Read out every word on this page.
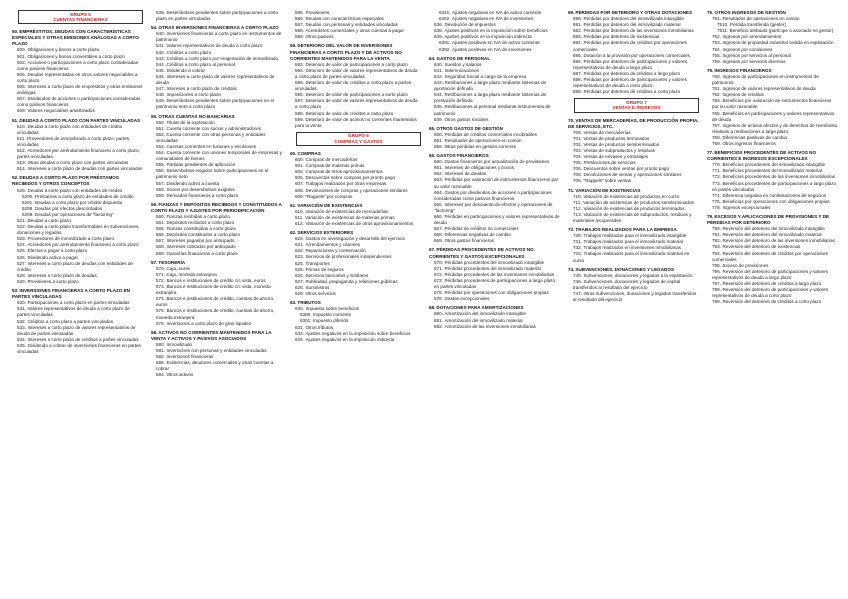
GRUPO 5
CUENTAS FINANCIERAS
50.EMPRÉSTITOS, DEUDAS CON CARACTERÍSTICAS ESPECIALES Y OTRAS EMISIONES ANÁLOGAS A CORTO PLAZO
500. Obligaciones y bonos a corto plazo
501. Obligaciones y bonos convertibles a corto plazo
502. Acciones o participaciones a corto plazo consideradas como pasivos financieros
505. Deudas representadas en otros valores negociables a corto plazo
506. Intereses a corto plazo de empréstitos y otras emisiones análogas
507. Dividendos de acciones o participaciones consideradas como pasivos financieros
509. Valores negociables amortizados
51.DEUDAS A CORTO PLAZO CON PARTES VINCULADAS
510. Deudas a corto plazo con entidades de crédito vinculadas
511. Proveedores de inmovilizado a corto plazo, partes vinculadas
512. Acreedores por arrendamiento financiero a corto plazo, partes vinculadas.
513. Otras deudas a corto plazo con partes vinculadas
514. Intereses a corto plazo de deudas con partes vinculadas
52.DEUDAS A CORTO PLAZO POR PRÉSTAMOS RECIBIDOS Y OTROS CONCEPTOS
520. Deudas a corto plazo con entidades de crédito
5200. Préstamos a corto plazo de entidades de crédito
5201. Deudas a corto plazo por crédito dispuesto
5208. Deudas por efectos descontados
5209. Deudas por operaciones de "factoring"
521. Deudas a corto plazo
522. Deudas a corto plazo transformables en subvenciones, donaciones y legados
523. Proveedores de inmovilizado a corto plazo
524. Acreedores por arrendamiento financiero a corto plazo
525. Efectos a pagar a corto plazo
526. Dividendo activo a pagar
527. Intereses a corto plazo de deudas con entidades de crédito
528. Intereses a corto plazo de deudas
529. Provisiones a corto plazo
53.INVERSIONES FINANCIERAS A CORTO PLAZO EN PARTES VINCULADAS
530. Participaciones a corto plazo en partes vinculadas
531. Valores representativos de deuda a corto plazo de partes vinculadas
532. Créditos a corto plazo a partes vinculadas
533. Intereses a corto plazo de valores representativos de deuda de partes vinculadas
534. Intereses a corto plazo de créditos a partes vinculadas
535. Dividendo a cobrar de inversiones financieras en partes vinculadas
539. Desembolsos pendientes sobre participaciones a corto plazo en partes vinculadas
54.OTRAS INVERSIONES FINANCIERAS A CORTO PLAZO
540. Inversiones financieras a corto plazo en instrumentos de patrimonio
541. Valores representativos de deuda a corto plazo
542. Créditos a corto plazo
543. Créditos a corto plazo por enajenación de inmovilizado
544. Créditos a corto plazo al personal
545. Dividendo a cobrar
546. Intereses a corto plazo de valores representativos de deuda
547. Intereses a corto plazo de créditos
548. Imposiciones a corto plazo
549. Desembolsos pendientes sobre participaciones en el patrimonio neto a corto plazo
55.OTRAS CUENTAS NO BANCARIAS
550. Titular de la explotación
551. Cuenta corriente con socios y administradores
552. Cuenta corriente con otras personas y entidades vinculadas
553. Cuentas corrientes en fusiones y escisiones
554. Cuenta corriente con uniones temporales de empresas y comunidades de bienes
555. Partidas pendientes de aplicación
556. Desembolsos exigidos sobre participaciones en el patrimonio neto
557. Dividendo activo a cuenta
558. Socios por desembolsos exigidos
559. Derivados financieros a corto plazo
56.FIANZAS Y DEPÓSITOS RECIBIDOS Y CONSTITUIDOS A CORTO PLAZO Y AJUSTES POR PERIODIFICACIÓN
560. Fianzas recibidas a corto plazo
561. Depósitos recibidos a corto plazo
565. Fianzas constituidas a corto plazo
566. Depósitos constituidos a corto plazo
567. Intereses pagados por anticipado
568. Intereses cobrados por anticipado
569. Garantías financieras a corto plazo
57.TESORERÍA
570. Caja, euros
571. Caja, moneda extranjera
572. Bancos e instituciones de crédito c/c vista, euros
573. Bancos e instituciones de crédito c/c vista, moneda extranjera
574. Bancos e instituciones de crédito, cuentas de ahorro, euros
575. Bancos e instituciones de crédito, cuentas de ahorro, moneda extranjera
576. Inversiones a corto plazo de gran liquidez
58.ACTIVOS NO CORRIENTES MANTENIDOS PARA LA VENTA Y ACTIVOS Y PASIVOS ASOCIADOS
580. Inmovilizado
581. Inversiones con personas y entidades vinculadas
582. Inversiones financieras
583. Existencias, deudores comerciales y otras cuentas a cobrar
584. Otros activos
585. Provisiones
586. Deudas con características especiales
587. Deudas con personas y entidades vinculadas
588. Acreedores comerciales y otras cuentas a pagar
589. Otros pasivos
59.DETERIORO DEL VALOR DE INVERSIONES FINANCIERAS A CORTO PLAZO Y DE ACTIVOS NO CORRIENTES MANTENIDOS PARA LA VENTA
593. Deterioro de valor de participaciones a corto plazo
594. Deterioro de valor de valores representativos de deuda a corto plazo de partes vinculadas
595. Deterioro de valor de créditos a corto plazo a partes vinculadas
596. Deterioro de valor de participaciones a corto plazo
597. Deterioro de valor de valores representativos de deuda a corto plazo
598. Deterioro de valor de créditos a corto plazo
599. Deterioro de valor de activos no corrientes mantenidos para la venta
GRUPO 6
COMPRAS Y GASTOS
60.COMPRAS
600. Compras de mercaderías
601. Compras de materias primas
602. Compras de otros aprovisionamientos
606. Descuentos sobre compras por pronto pago
607. Trabajos realizados por otras empresas
608. Devoluciones de compras y operaciones similares
609. "Rappels" por compras
61.VARIACIÓN DE EXISTENCIAS
610. Variación de existencias de mercaderías
611. Variación de existencias de materias primas
612. Variación de existencias de otros aprovisionamientos
62.SERVICIOS EXTERIORES
620. Gastos en investigación y desarrollo del ejercicio
621. Arrendamientos y cánones
622. Reparaciones y conservación
623. Servicios de profesionales independientes
624. Transportes
625. Primas de seguros
626. Servicios bancarios y similares
627. Publicidad, propaganda y relaciones públicas
628. Suministros
629. Otros servicios
63.TRIBUTOS
630. Impuesto sobre beneficios
6300. Impuesto corriente
6301. Impuesto diferido
631. Otros tributos
633. Ajustes negativos en la imposición sobre beneficios
634. Ajustes negativos en la imposición indirecta
6341. Ajustes negativos en IVA de activo corriente
6342. Ajustes negativos en IVA de inversiones
636. Devolución de impuestos
638. Ajustes positivos en la imposición sobre beneficios
639. Ajustes positivos en la imposición indirecta
6391. Ajustes positivos en IVA de activo corriente
6392. Ajustes positivos en IVA de inversiones
64.GASTOS DE PERSONAL
640. Sueldos y salarios
641. Indemnizaciones
642. Seguridad Social a cargo de la empresa
643. Retribuciones a largo plazo mediante sistemas de aportación definida
644. Retribuciones a largo plazo mediante sistemas de prestación definida
645. Retribuciones al personal mediante instrumentos de patrimonio
649. Otros gastos sociales
65.OTROS GASTOS DE GESTIÓN
650. Pérdidas de créditos comerciales incobrables
651. Resultados de operaciones en común
659. Otras pérdidas en gestión corriente
66.GASTOS FINANCIEROS
660. Gastos financieros por actualización de provisiones
661. Intereses de obligaciones y bonos
662. Intereses de deudas
663. Pérdidas por valoración de instrumentos financieros por su valor razonable
664. Gastos por dividendos de acciones o participaciones consideradas como pasivos financieros
665. Intereses por descuento de efectos y operaciones de "factoring"
666. Pérdidas en participaciones y valores representativos de deuda
667. Pérdidas de créditos no comerciales
668. Diferencias negativas de cambio
669. Otros gastos financieros
67.PÉRDIDAS PROCEDENTES DE ACTIVOS NO CORRIENTES Y GASTOS EXCEPCIONALES
670. Pérdidas procedentes del inmovilizado intangible
671. Pérdidas procedentes del inmovilizado material
672. Pérdidas procedentes de las inversiones inmobiliarias
673. Pérdidas procedentes de participaciones a largo plazo en partes vinculadas
675. Pérdidas por operaciones con obligaciones propias
678. Gastos excepcionales
68.DOTACIONES PARA AMORTIZACIONES
680. Amortización del inmovilizado intangible
681. Amortización del inmovilizado material
682. Amortización de las inversiones inmobiliarias
69.PÉRDIDAS POR DETERIORO Y OTRAS DOTACIONES
690. Pérdidas por deterioro del inmovilizado intangible
691. Pérdidas por deterioro del inmovilizado material
692. Pérdidas por deterioro de las inversiones inmobiliarias
693. Pérdidas por deterioro de existencias
694. Pérdidas por deterioro de créditos por operaciones comerciales
695. Dotación a la provisión por operaciones comerciales
696. Pérdidas por deterioro de participaciones y valores representativos de deuda a largo plazo
697. Pérdidas por deterioro de créditos a largo plazo
698. Pérdidas por deterioro de participaciones y valores representativos de deuda a corto plazo
699. Pérdidas por deterioro de créditos a corto plazo
GRUPO 7
VENTAS E INGRESOS
70.VENTAS DE MERCADERÍAS, DE PRODUCCIÓN PROPIA, DE SERVICIOS, ETC.
700. Ventas de mercaderías
701. Ventas de productos terminados
702. Ventas de productos semiterminados
703. Ventas de subproductos y residuos
704. Ventas de envases y embalajes
705. Prestaciones de servicios
706. Descuentos sobre ventas por pronto pago
708. Devoluciones de ventas y operaciones similares
709. "Rappels" sobre ventas
71.VARIACIÓN DE EXISTENCIAS
710. Variación de existencias de productos en curso
711. Variación de existencias de productos semiterminados
712. Variación de existencias de productos terminados
713. Variación de existencias de subproductos, residuos y materiales recuperados
73.TRABAJOS REALIZADOS PARA LA EMPRESA
730. Trabajos realizados para el inmovilizado intangible
731. Trabajos realizados para el inmovilizado material
732. Trabajos realizados en inversiones inmobiliarias
733. Trabajos realizados para el inmovilizado material en curso
74.SUBVENCIONES, DONACIONES Y LEGADOS
740. Subvenciones, donaciones y legados a la explotación
746. Subvenciones, donaciones y legados de capital transferidos al resultado del ejercicio
747. Otras subvenciones, donaciones y legados transferidos al resultado del ejercicio
75.OTROS INGRESOS DE GESTIÓN
751. Resultados de operaciones en común
7510. Pérdida transferida (gestor)
7511. Beneficio atribuido (partícipe o asociado no gestor)
752. Ingresos por arrendamientos
753. Ingresos de propiedad industrial cedida en explotación
754. Ingresos por comisiones
755. Ingresos por servicios al personal
759. Ingresos por servicios diversos
76.INGRESOS FINANCIEROS
760. Ingresos de participaciones en instrumentos de patrimonio
761. Ingresos de valores representativos de deuda
762. Ingresos de créditos
763. Beneficios por valoración de instrumentos financieros por su valor razonable
766. Beneficios en participaciones y valores representativos de deuda
767. Ingresos de activos afectos y de derechos de reembolso relativos a retribuciones a largo plazo
768. Diferencias positivas de cambio
769. Otros ingresos financieros
77.BENEFICIOS PROCEDENTES DE ACTIVOS NO CORRIENTES E INGRESOS EXCEPCIONALES
770. Beneficios procedentes del inmovilizado intangible
771. Beneficios procedentes del inmovilizado material
772. Beneficios procedentes de las inversiones inmobiliarias
773. Beneficios procedentes de participaciones a largo plazo en partes vinculadas
774. Diferencia negativa en combinaciones de negocios
775. Beneficios por operaciones con obligaciones propias
778. Ingresos excepcionales
79.EXCESOS Y APLICACIONES DE PROVISIONES Y DE PÉRDIDAS POR DETERIORO
790. Reversión del deterioro del inmovilizado intangible
791. Reversión del deterioro del inmovilizado material
792. Reversión del deterioro de las inversiones inmobiliarias
793. Reversión del deterioro de existencias
794. Reversión del deterioro de créditos por operaciones comerciales
795. Exceso de provisiones
796. Reversión del deterioro de participaciones y valores representativos de deuda a largo plazo
797. Reversión del deterioro de créditos a largo plazo
798. Reversión del deterioro de participaciones y valores representativos de deuda a corto plazo
799. Reversión del deterioro de créditos a corto plazo
